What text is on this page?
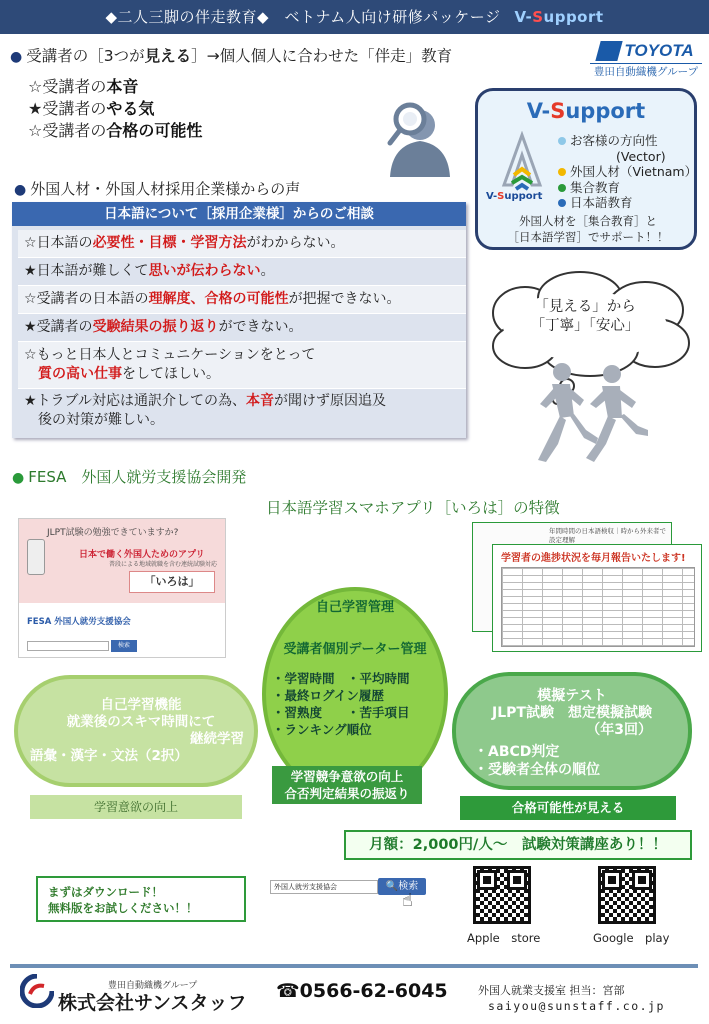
◆二人三脚の伴走教育◆　ベトナム人向け研修パッケージ V-Support
● 受講者の［3つが見える］→個人個人に合わせた「伴走」教育	TOYOTA
豊田自動織機グループ
☆受講者の本音
★受講者のやる気
☆受講者の合格の可能性
V-Support
V-Support
お客様の方向性
(Vector)
外国人材（Vietnam）
集合教育
日本語教育
外国人材を［集合教育］と
［日本語学習］でサポート！！
● 外国人材・外国人材採用企業様からの声
日本語について［採用企業様］からのご相談
☆日本語の必要性・目標・学習方法がわからない。
★日本語が難しくて思いが伝わらない。
☆受講者の日本語の理解度、合格の可能性が把握できない。
★受講者の受験結果の振り返りができない。
☆もっと日本人とコミュニケーションをとって
質の高い仕事をしてほしい。
★トラブル対応は通訳介しての為、本音が聞けず原因追及
後の対策が難しい。
「見える」から
「丁寧」「安心」
● FESA　外国人就労支援協会開発
日本語学習スマホアプリ［いろは］の特徴
JLPT試験の勉強できていますか?
日本で働く外国人ためのアプリ
普段による地域就職を含む連続試験対応
「いろは」
FESA 外国人就労支援協会
検索
年間時間の日本語検収｜時から外来者で設定理解
学習者の進捗状況を毎月報告いたします!
自己学習機能
就業後のスキマ時間にて
継続学習
語彙・漢字・文法（2択）
学習意欲の向上
模擬テスト
JLPT試験　想定模擬試験
（年3回）
・ABCD判定
・受験者全体の順位
合格可能性が見える
自己学習管理
受講者個別データー管理
・学習時間　・平均時間
・最終ログイン履歴
・習熟度　　・苦手項目
・ランキング順位
学習競争意欲の向上
合否判定結果の振返り
月額：2,000円/人～　試験対策講座あり！！
まずはダウンロード！
無料版をお試しください！！
外国人就労支援協会	🔍検索
☝
Apple　store	Google　play
豊田自動織機グループ
株式会社サンスタッフ
☎0566-62-6045	外国人就業支援室 担当：宮部
saiyou@sunstaff.co.jp
